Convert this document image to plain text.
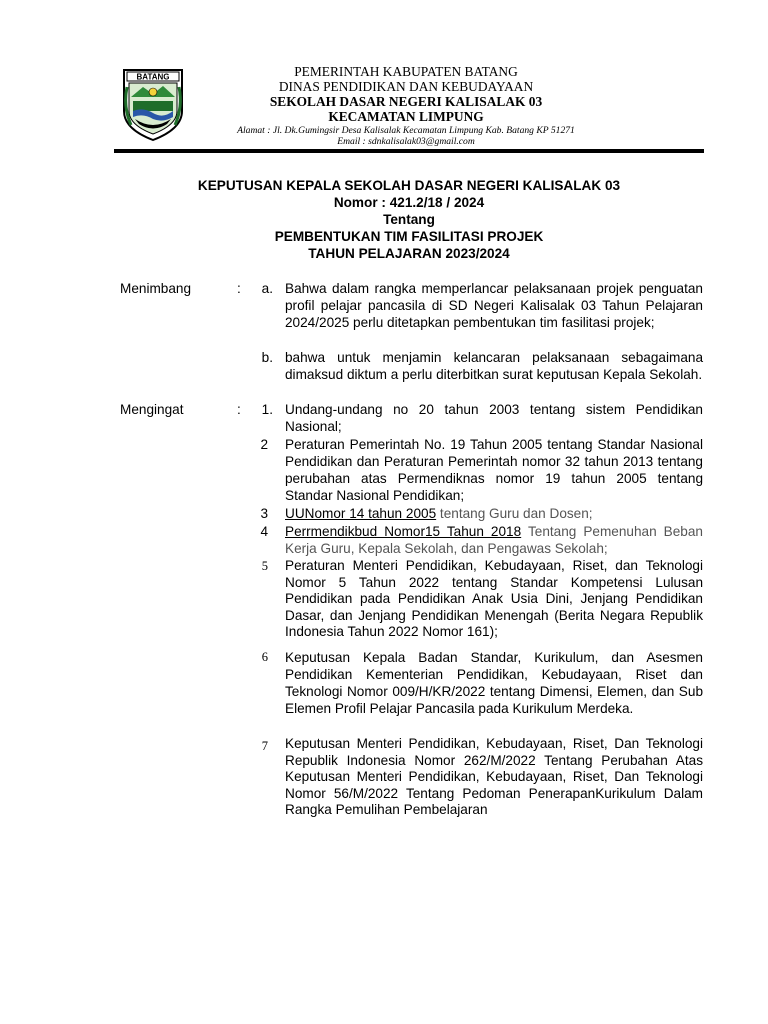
BATANG	PEMERINTAH KABUPATEN BATANG
DINAS PENDIDIKAN DAN KEBUDAYAAN
SEKOLAH DASAR NEGERI KALISALAK 03
KECAMATAN LIMPUNG
Alamat : Jl. Dk.Gumingsir Desa Kalisalak Kecamatan Limpung Kab. Batang KP 51271
Email : sdnkalisalak03@gmail.com
KEPUTUSAN KEPALA SEKOLAH DASAR NEGERI KALISALAK 03
Nomor : 421.2/18 / 2024
Tentang
PEMBENTUKAN TIM FASILITASI PROJEK
TAHUN PELAJARAN 2023/2024
Menimbang	:	a. Bahwa dalam rangka memperlancar pelaksanaan projek penguatan profil pelajar pancasila di SD Negeri Kalisalak 03 Tahun Pelajaran 2024/2025 perlu ditetapkan pembentukan tim fasilitasi projek;
b. bahwa untuk menjamin kelancaran pelaksanaan sebagaimana dimaksud diktum a perlu diterbitkan surat keputusan Kepala Sekolah.
Mengingat	:	1. Undang-undang no 20 tahun 2003 tentang sistem Pendidikan Nasional;
2 Peraturan Pemerintah No. 19 Tahun 2005 tentang Standar Nasional Pendidikan dan Peraturan Pemerintah nomor 32 tahun 2013 tentang perubahan atas Permendiknas nomor 19 tahun 2005 tentang Standar Nasional Pendidikan;
3 UUNomor 14 tahun 2005 tentang Guru dan Dosen;
4 Perrmendikbud Nomor15 Tahun 2018 Tentang Pemenuhan Beban Kerja Guru, Kepala Sekolah, dan Pengawas Sekolah;
5 Peraturan Menteri Pendidikan, Kebudayaan, Riset, dan Teknologi Nomor 5 Tahun 2022 tentang Standar Kompetensi Lulusan Pendidikan pada Pendidikan Anak Usia Dini, Jenjang Pendidikan Dasar, dan Jenjang Pendidikan Menengah (Berita Negara Republik Indonesia Tahun 2022 Nomor 161);
6 Keputusan Kepala Badan Standar, Kurikulum, dan Asesmen Pendidikan Kementerian Pendidikan, Kebudayaan, Riset dan Teknologi Nomor 009/H/KR/2022 tentang Dimensi, Elemen, dan Sub Elemen Profil Pelajar Pancasila pada Kurikulum Merdeka.
7 Keputusan Menteri Pendidikan, Kebudayaan, Riset, Dan Teknologi Republik Indonesia Nomor 262/M/2022 Tentang Perubahan Atas Keputusan Menteri Pendidikan, Kebudayaan, Riset, Dan Teknologi Nomor 56/M/2022 Tentang Pedoman PenerapanKurikulum Dalam Rangka Pemulihan Pembelajaran
